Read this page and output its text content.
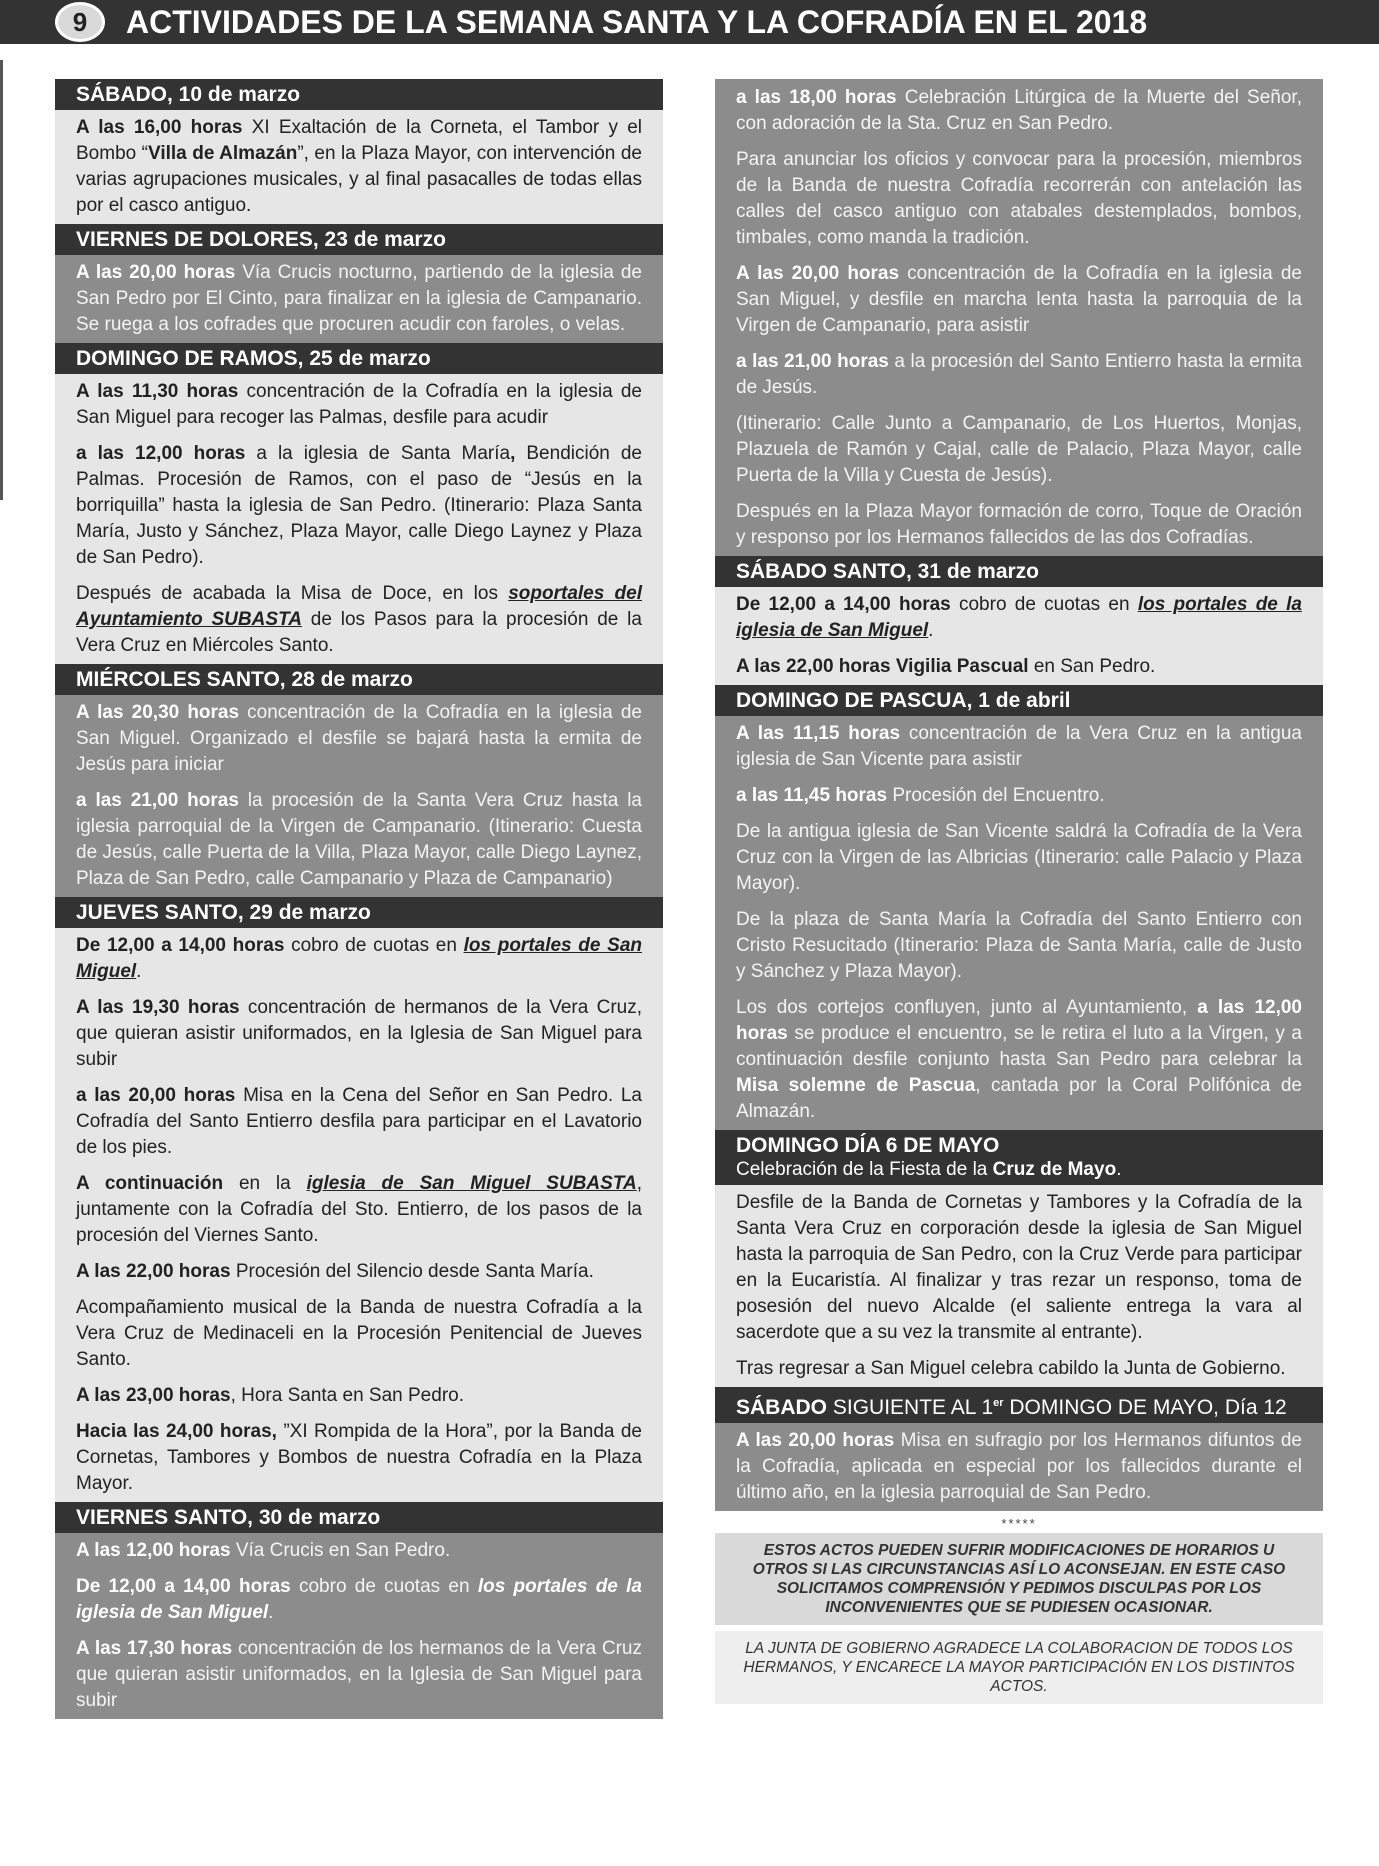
9	ACTIVIDADES DE LA SEMANA SANTA Y LA COFRADÍA EN EL 2018
SÁBADO, 10 de marzo

A las 16,00 horas XI Exaltación de la Corneta, el Tambor y el Bombo “Villa de Almazán”, en la Plaza Mayor, con intervención de varias agrupaciones musicales, y al final pasacalles de todas ellas por el casco antiguo.

VIERNES DE DOLORES, 23 de marzo

A las 20,00 horas Vía Crucis nocturno, partiendo de la iglesia de San Pedro por El Cinto, para finalizar en la iglesia de Campanario. Se ruega a los cofrades que procuren acudir con faroles, o velas.

DOMINGO DE RAMOS, 25 de marzo

A las 11,30 horas concentración de la Cofradía en la iglesia de San Miguel para recoger las Palmas, desfile para acudir

a las 12,00 horas a la iglesia de Santa María, Bendición de Palmas. Procesión de Ramos, con el paso de “Jesús en la borriquilla” hasta la iglesia de San Pedro. (Itinerario: Plaza Santa María, Justo y Sánchez, Plaza Mayor, calle Diego Laynez y Plaza de San Pedro).

Después de acabada la Misa de Doce, en los soportales del Ayuntamiento SUBASTA de los Pasos para la procesión de la Vera Cruz en Miércoles Santo.

MIÉRCOLES SANTO, 28 de marzo

A las 20,30 horas concentración de la Cofradía en la iglesia de San Miguel. Organizado el desfile se bajará hasta la ermita de Jesús para iniciar

a las 21,00 horas la procesión de la Santa Vera Cruz hasta la iglesia parroquial de la Virgen de Campanario. (Itinerario: Cuesta de Jesús, calle Puerta de la Villa, Plaza Mayor, calle Diego Laynez, Plaza de San Pedro, calle Campanario y Plaza de Campanario)

JUEVES SANTO, 29 de marzo

De 12,00 a 14,00 horas cobro de cuotas en los portales de San Miguel.

A las 19,30 horas concentración de hermanos de la Vera Cruz, que quieran asistir uniformados, en la Iglesia de San Miguel para subir

a las 20,00 horas Misa en la Cena del Señor en San Pedro. La Cofradía del Santo Entierro desfila para participar en el Lavatorio de los pies.

A continuación en la iglesia de San Miguel SUBASTA, juntamente con la Cofradía del Sto. Entierro, de los pasos de la procesión del Viernes Santo.

A las 22,00 horas Procesión del Silencio desde Santa María.

Acompañamiento musical de la Banda de nuestra Cofradía a la Vera Cruz de Medinaceli en la Procesión Penitencial de Jueves Santo.

A las 23,00 horas, Hora Santa en San Pedro.

Hacia las 24,00 horas, ”XI Rompida de la Hora”, por la Banda de Cornetas, Tambores y Bombos de nuestra Cofradía en la Plaza Mayor.

VIERNES SANTO, 30 de marzo

A las 12,00 horas Vía Crucis en San Pedro.

De 12,00 a 14,00 horas cobro de cuotas en los portales de la iglesia de San Miguel.

A las 17,30 horas concentración de los hermanos de la Vera Cruz que quieran asistir uniformados, en la Iglesia de San Miguel para subir

a las 18,00 horas Celebración Litúrgica de la Muerte del Señor, con adoración de la Sta. Cruz en San Pedro.

Para anunciar los oficios y convocar para la procesión, miembros de la Banda de nuestra Cofradía recorrerán con antelación las calles del casco antiguo con atabales destemplados, bombos, timbales, como manda la tradición.

A las 20,00 horas concentración de la Cofradía en la iglesia de San Miguel, y desfile en marcha lenta hasta la parroquia de la Virgen de Campanario, para asistir

a las 21,00 horas a la procesión del Santo Entierro hasta la ermita de Jesús.

(Itinerario: Calle Junto a Campanario, de Los Huertos, Monjas, Plazuela de Ramón y Cajal, calle de Palacio, Plaza Mayor, calle Puerta de la Villa y Cuesta de Jesús).

Después en la Plaza Mayor formación de corro, Toque de Oración y responso por los Hermanos fallecidos de las dos Cofradías.

SÁBADO SANTO, 31 de marzo

De 12,00 a 14,00 horas cobro de cuotas en los portales de la iglesia de San Miguel.

A las 22,00 horas Vigilia Pascual en San Pedro.

DOMINGO DE PASCUA, 1 de abril

A las 11,15 horas concentración de la Vera Cruz en la antigua iglesia de San Vicente para asistir

a las 11,45 horas Procesión del Encuentro.

De la antigua iglesia de San Vicente saldrá la Cofradía de la Vera Cruz con la Virgen de las Albricias (Itinerario: calle Palacio y Plaza Mayor).

De la plaza de Santa María la Cofradía del Santo Entierro con Cristo Resucitado (Itinerario: Plaza de Santa María, calle de Justo y Sánchez y Plaza Mayor).

Los dos cortejos confluyen, junto al Ayuntamiento, a las 12,00 horas se produce el encuentro, se le retira el luto a la Virgen, y a continuación desfile conjunto hasta San Pedro para celebrar la Misa solemne de Pascua, cantada por la Coral Polifónica de Almazán.

DOMINGO DÍA 6 DE MAYO
Celebración de la Fiesta de la Cruz de Mayo.

Desfile de la Banda de Cornetas y Tambores y la Cofradía de la Santa Vera Cruz en corporación desde la iglesia de San Miguel hasta la parroquia de San Pedro, con la Cruz Verde para participar en la Eucaristía. Al finalizar y tras rezar un responso, toma de posesión del nuevo Alcalde (el saliente entrega la vara al sacerdote que a su vez la transmite al entrante).

Tras regresar a San Miguel celebra cabildo la Junta de Gobierno.

SÁBADO SIGUIENTE AL 1er DOMINGO DE MAYO, Día 12

A las 20,00 horas Misa en sufragio por los Hermanos difuntos de la Cofradía, aplicada en especial por los fallecidos durante el último año, en la iglesia parroquial de San Pedro.

*****
ESTOS ACTOS PUEDEN SUFRIR MODIFICACIONES DE HORARIOS U OTROS SI LAS CIRCUNSTANCIAS ASÍ LO ACONSEJAN. EN ESTE CASO SOLICITAMOS COMPRENSIÓN Y PEDIMOS DISCULPAS POR LOS INCONVENIENTES QUE SE PUDIESEN OCASIONAR.
LA JUNTA DE GOBIERNO AGRADECE LA COLABORACION DE TODOS LOS HERMANOS, Y ENCARECE LA MAYOR PARTICIPACIÓN EN LOS DISTINTOS ACTOS.
